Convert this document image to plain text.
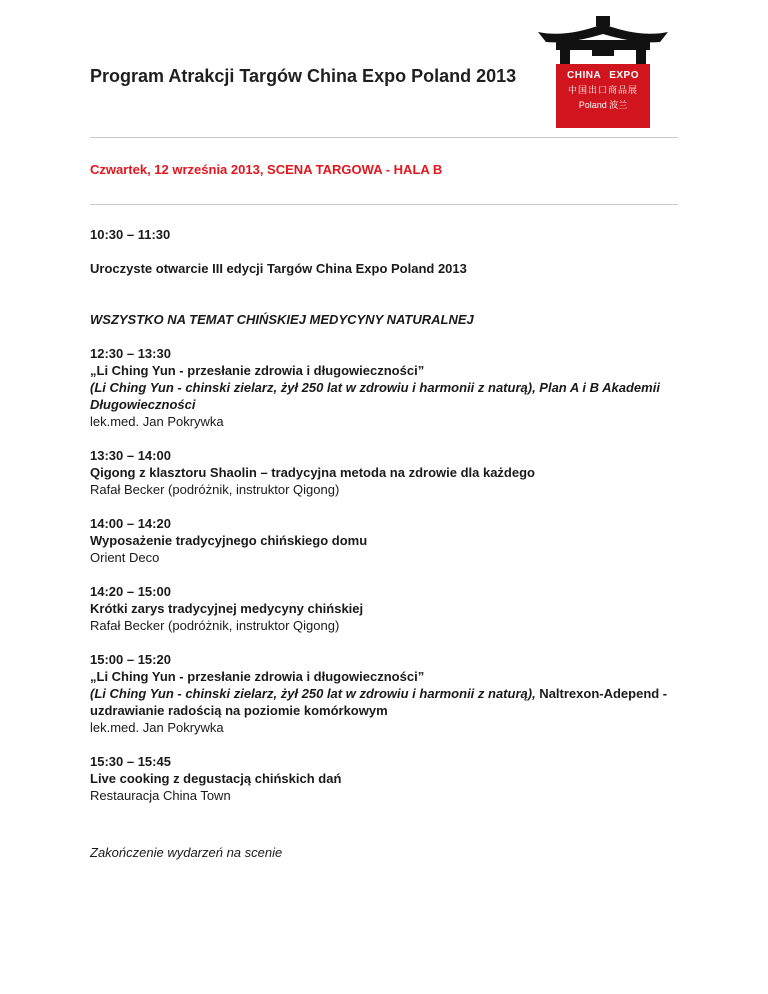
Program Atrakcji Targów China Expo Poland 2013	CHINA EXPO
中国出口商品展
Poland 波兰
Czwartek, 12 września 2013, SCENA TARGOWA - HALA B
10:30 – 11:30
Uroczyste otwarcie III edycji Targów China Expo Poland 2013
WSZYSTKO NA TEMAT CHIŃSKIEJ MEDYCYNY NATURALNEJ
12:30 – 13:30
„Li Ching Yun - przesłanie zdrowia i długowieczności”
(Li Ching Yun - chinski zielarz, żył 250 lat w zdrowiu i harmonii z naturą), Plan A i B Akademii Długowieczności
lek.med. Jan Pokrywka
13:30 – 14:00
Qigong z klasztoru Shaolin – tradycyjna metoda na zdrowie dla każdego
Rafał Becker (podróżnik, instruktor Qigong)
14:00 – 14:20
Wyposażenie tradycyjnego chińskiego domu
Orient Deco
14:20 – 15:00
Krótki zarys tradycyjnej medycyny chińskiej
Rafał Becker (podróżnik, instruktor Qigong)
15:00 – 15:20
„Li Ching Yun - przesłanie zdrowia i długowieczności”
(Li Ching Yun - chinski zielarz, żył 250 lat w zdrowiu i harmonii z naturą), Naltrexon-Adepend -uzdrawianie radością na poziomie komórkowym
lek.med. Jan Pokrywka
15:30 – 15:45
Live cooking z degustacją chińskich dań
Restauracja China Town
Zakończenie wydarzeń na scenie
